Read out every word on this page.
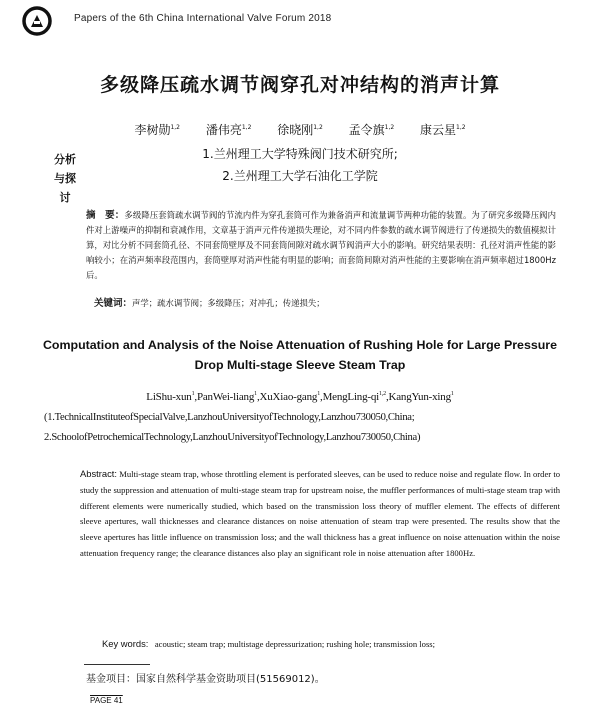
Papers of the 6th China International Valve Forum 2018
分析与探讨
多级降压疏水调节阀穿孔对冲结构的消声计算
李树勋$^{1,2}$ 潘伟亮$^{1,2}$ 徐晓刚$^{1,2}$ 孟令旗$^{1,2}$ 康云星$^{1,2}$
1.兰州理工大学特殊阀门技术研究所;
2.兰州理工大学石油化工学院
摘　要：多级降压套筒疏水调节阀的节流内件为穿孔套筒可作为兼备消声和流量调节两种功能的装置。为了研究多级降压阀内件对上游噪声的抑制和衰减作用，文章基于消声元件传递损失理论，对不同内件参数的疏水调节阀进行了传递损失的数值模拟计算，对比分析不同套筒孔径、不同套筒壁厚及不同套筒间隙对疏水调节阀消声大小的影响。研究结果表明：孔径对消声性能的影响较小；在消声频率段范围内，套筒壁厚对消声性能有明显的影响；而套筒间隙对消声性能的主要影响在消声频率超过1800Hz后。
关键词：声学；疏水调节阀；多级降压；对冲孔；传递损失；
Computation and Analysis of the Noise Attenuation of Rushing Hole for Large Pressure
Drop Multi-stage Sleeve Steam Trap
LiShu-xun$^1$,PanWei-liang$^1$,XuXiao-gang$^1$,MengLing-qi$^{1,2}$,KangYun-xing$^1$
(1.TechnicalInstituteofSpecialValve,LanzhouUniversityofTechnology,Lanzhou730050,China;
2.SchoolofPetrochemicalTechnology,LanzhouUniversityofTechnology,Lanzhou730050,China)
Abstract: Multi-stage steam trap, whose throttling element is perforated sleeves, can be used to reduce noise and regulate flow. In order to study the suppression and attenuation of multi-stage steam trap for upstream noise, the muffler performances of multi-stage steam trap with different elements were numerically studied, which based on the transmission loss theory of muffler element. The effects of different sleeve apertures, wall thicknesses and clearance distances on noise attenuation of steam trap were presented. The results show that the sleeve apertures has little influence on transmission loss; and the wall thickness has a great influence on noise attenuation within the noise attenuation frequency range; the clearance distances also play an significant role in noise attenuation after 1800Hz.
Key words: acoustic; steam trap; multistage depressurization; rushing hole; transmission loss;
基金项目：国家自然科学基金资助项目(51569012)。
PAGE 41
